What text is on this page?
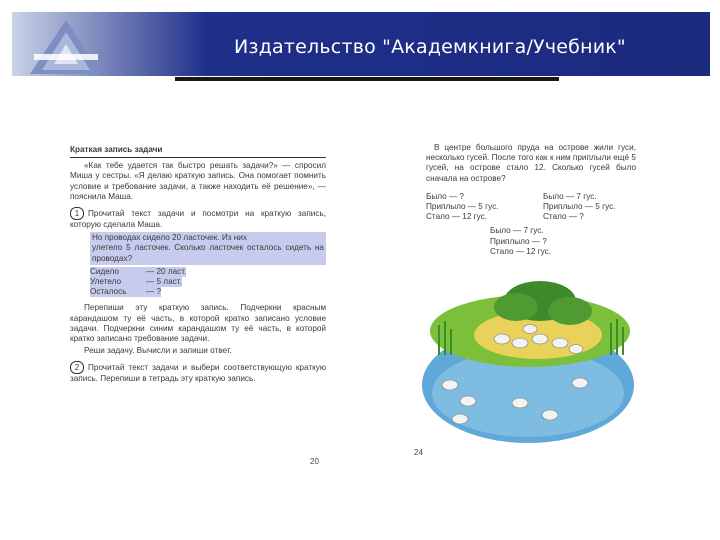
Издательство "Академкнига/Учебник"
Краткая запись задачи

«Как тебе удается так быстро решать задачи?» — спросил Миша у сестры. «Я делаю краткую запись. Она помогает помнить условие и требование задачи, а также находить её решение», — пояснила Маша.

1 Прочитай текст задачи и посмотри на краткую запись, которую сделала Маша.
Но проводах сидело 20 ласточек. Из них
улетело 5 ласточек. Сколько ласточек осталось сидеть на проводах?
Сидело	— 20 ласт.
Улетело	— 5 ласт.
Осталось	— ?

Перепиши эту краткую запись. Подчеркни красным карандашом ту её часть, в которой кратко записано условие задачи. Подчеркни синим карандашом ту её часть, в которой кратко записано требование задачи.

Реши задачу. Вычисли и запиши ответ.

2 Прочитай текст задачи и выбери соответствующую краткую запись. Перепиши в тетрадь эту краткую запись.
20

В центре большого пруда на острове жили гуси, несколько гусей. После того как к ним приплыли ещё 5 гусей, на острове стало 12. Сколько гусей было сначала на острове?

Было — ?
Приплыло — 5 гус.
Стало — 12 гус.
Было — 7 гус.
Приплыло — 5 гус.
Стало — ?
Было — 7 гус.
Приплыло — ?
Стало — 12 гус.
24
